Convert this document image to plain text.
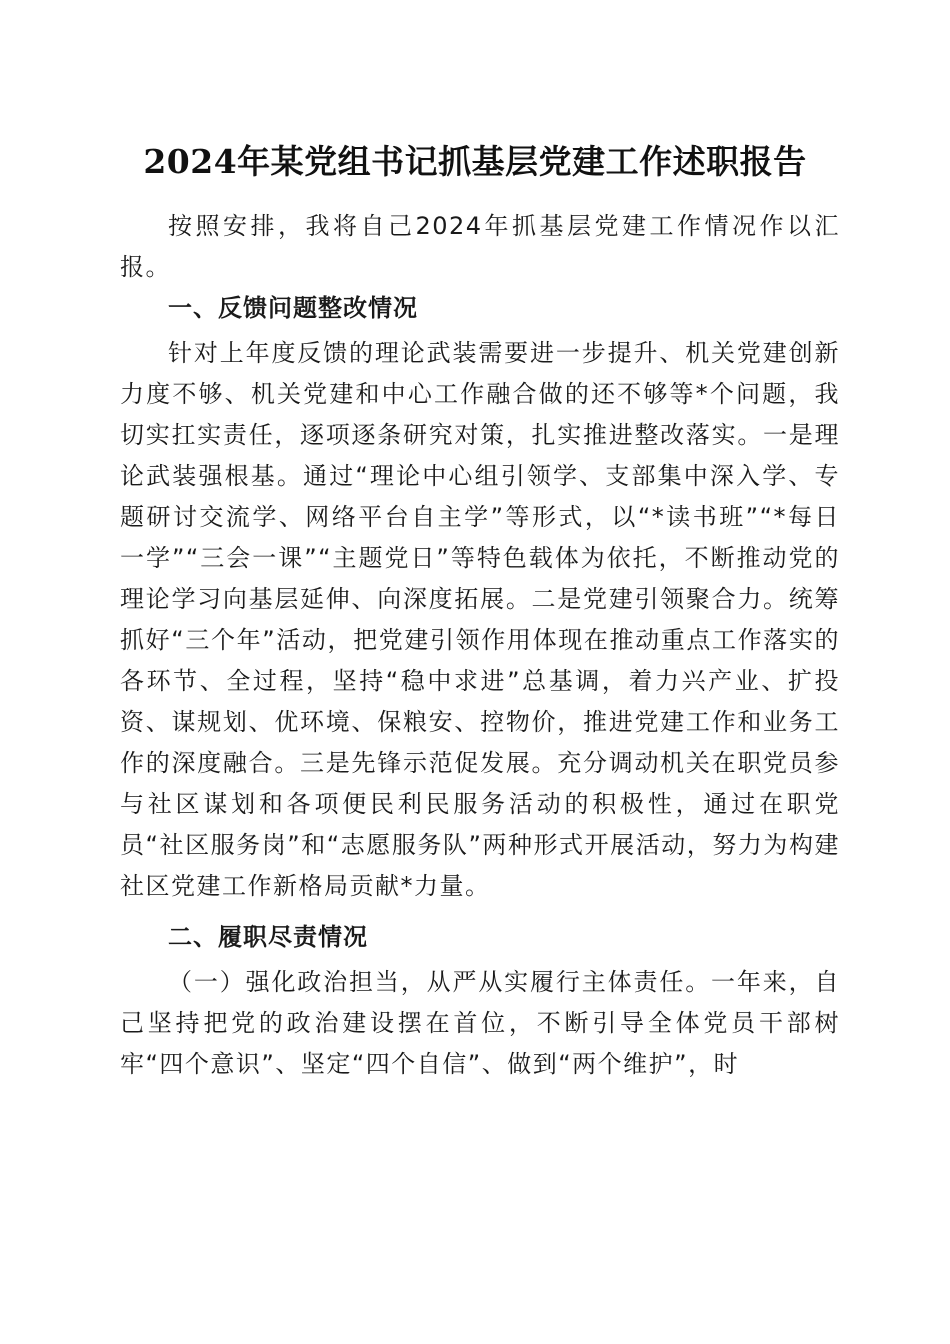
2024年某党组书记抓基层党建工作述职报告

按照安排，我将自己2024年抓基层党建工作情况作以汇报。

一、反馈问题整改情况

针对上年度反馈的理论武装需要进一步提升、机关党建创新力度不够、机关党建和中心工作融合做的还不够等*个问题，我切实扛实责任，逐项逐条研究对策，扎实推进整改落实。一是理论武装强根基。通过“理论中心组引领学、支部集中深入学、专题研讨交流学、网络平台自主学”等形式，以“*读书班”“*每日一学”“三会一课”“主题党日”等特色载体为依托，不断推动党的理论学习向基层延伸、向深度拓展。二是党建引领聚合力。统筹抓好“三个年”活动，把党建引领作用体现在推动重点工作落实的各环节、全过程，坚持“稳中求进”总基调，着力兴产业、扩投资、谋规划、优环境、保粮安、控物价，推进党建工作和业务工作的深度融合。三是先锋示范促发展。充分调动机关在职党员参与社区谋划和各项便民利民服务活动的积极性，通过在职党员“社区服务岗”和“志愿服务队”两种形式开展活动，努力为构建社区党建工作新格局贡献*力量。

二、履职尽责情况

（一）强化政治担当，从严从实履行主体责任。一年来，自己坚持把党的政治建设摆在首位，不断引导全体党员干部树牢“四个意识”、坚定“四个自信”、做到“两个维护”，时
